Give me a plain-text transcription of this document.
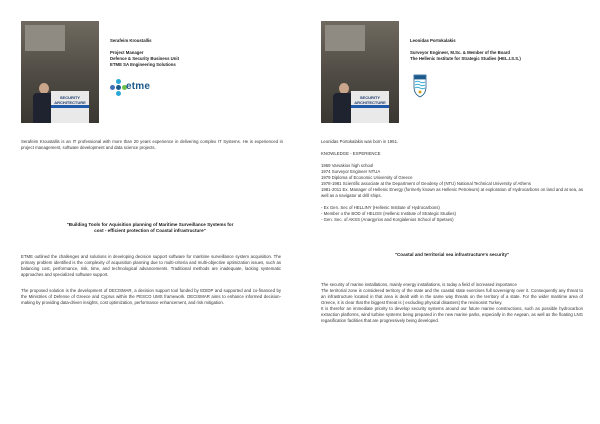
SECURITY ARCHITECTURE
Serafeim Kroustallis
Project Manager
Defence & Security Business Unit
ETME SA Engineering Solutions
etme
Serafeim Kroustallis is an IT professional with more than 20 years experience in delivering complex IT Systems. He is experienced in project management, software development and data science projects.
"Building Tools for Aquisition planning of Maritime Surveillance Systems for
cost - efficient protection of Coastal infrastructure"
ETME outlined the challenges and solutions in developing decision support software for maritime surveillance system acquisition. The primary problem identified is the complexity of acquisition planning due to multi-criteria and multi-objective optimization issues, such as balancing cost, performance, risk, time, and technological advancements. Traditional methods are inadequate, lacking systematic approaches and specialized software support.
The proposed solution is the development of DECISMAR, a decision support tool funded by EDIDP and supported and co-financed by the Ministries of Defense of Greece and Cyprus within the PESCO UMS framework. DECISMAR aims to enhance informed decision-making by providing data-driven insights, cost optimization, performance enhancement, and risk mitigation.
SECURITY ARCHITECTURE
Leonidas Portokalakis
Surveyor Engineer, M.Sc. & Member of the Board
The Hellenic Institute for Strategic Studies (HEL.I.S.S.)
Leonidas Portokalakis was born in 1951.

KNOWLEDGE - EXPERIENCE

1969 Varvakios high school
1974 Surveyor Engineer NTUA
1979 Diploma of Economic University of Greece
1978-1981 Scientific associate at the Department of Geodesy of (NTU) National Technical University of Athens
1981-2011 Ex. Manager of Hellenic Energy (formerly known as Hellenic Petroleum) at exploration of Hydrocarbons on land and at sea, as well as a navigator at drill ships.

- Ex Gen. Sec of HELLINY (Hellenic Institute of Hydrocarbons)
- Member o the BOD of HELISS (Hellenic Institute of Strategic Studies)
- Gen. Sec. of AKSS (Anargyrios and Korgialenios School of Spetses)
"Coastal and territorial sea infrastructure's security"
The security of marine installations, mainly energy installations, is today a field of increased importance
The territorial zone is considered territory of the state and the coastal state exercises full sovereignty over it. Consequently any threat to an infrastructure located in that area is dealt with in the same way threats on the territory of a state. For the wider maritime area of Greece, it is clear that the biggest threat is ( excluding physical disasters) the revisionist Turkey.
It is therefor an immediate priority to develop security systems around our future marine constructions, such as possible hydrocarbon extraction platforms, wind turbine systems being prepared in the new marine parks, especially in the Aegean, as well as the floating LNG regasification facilities that are progressively being developed.
